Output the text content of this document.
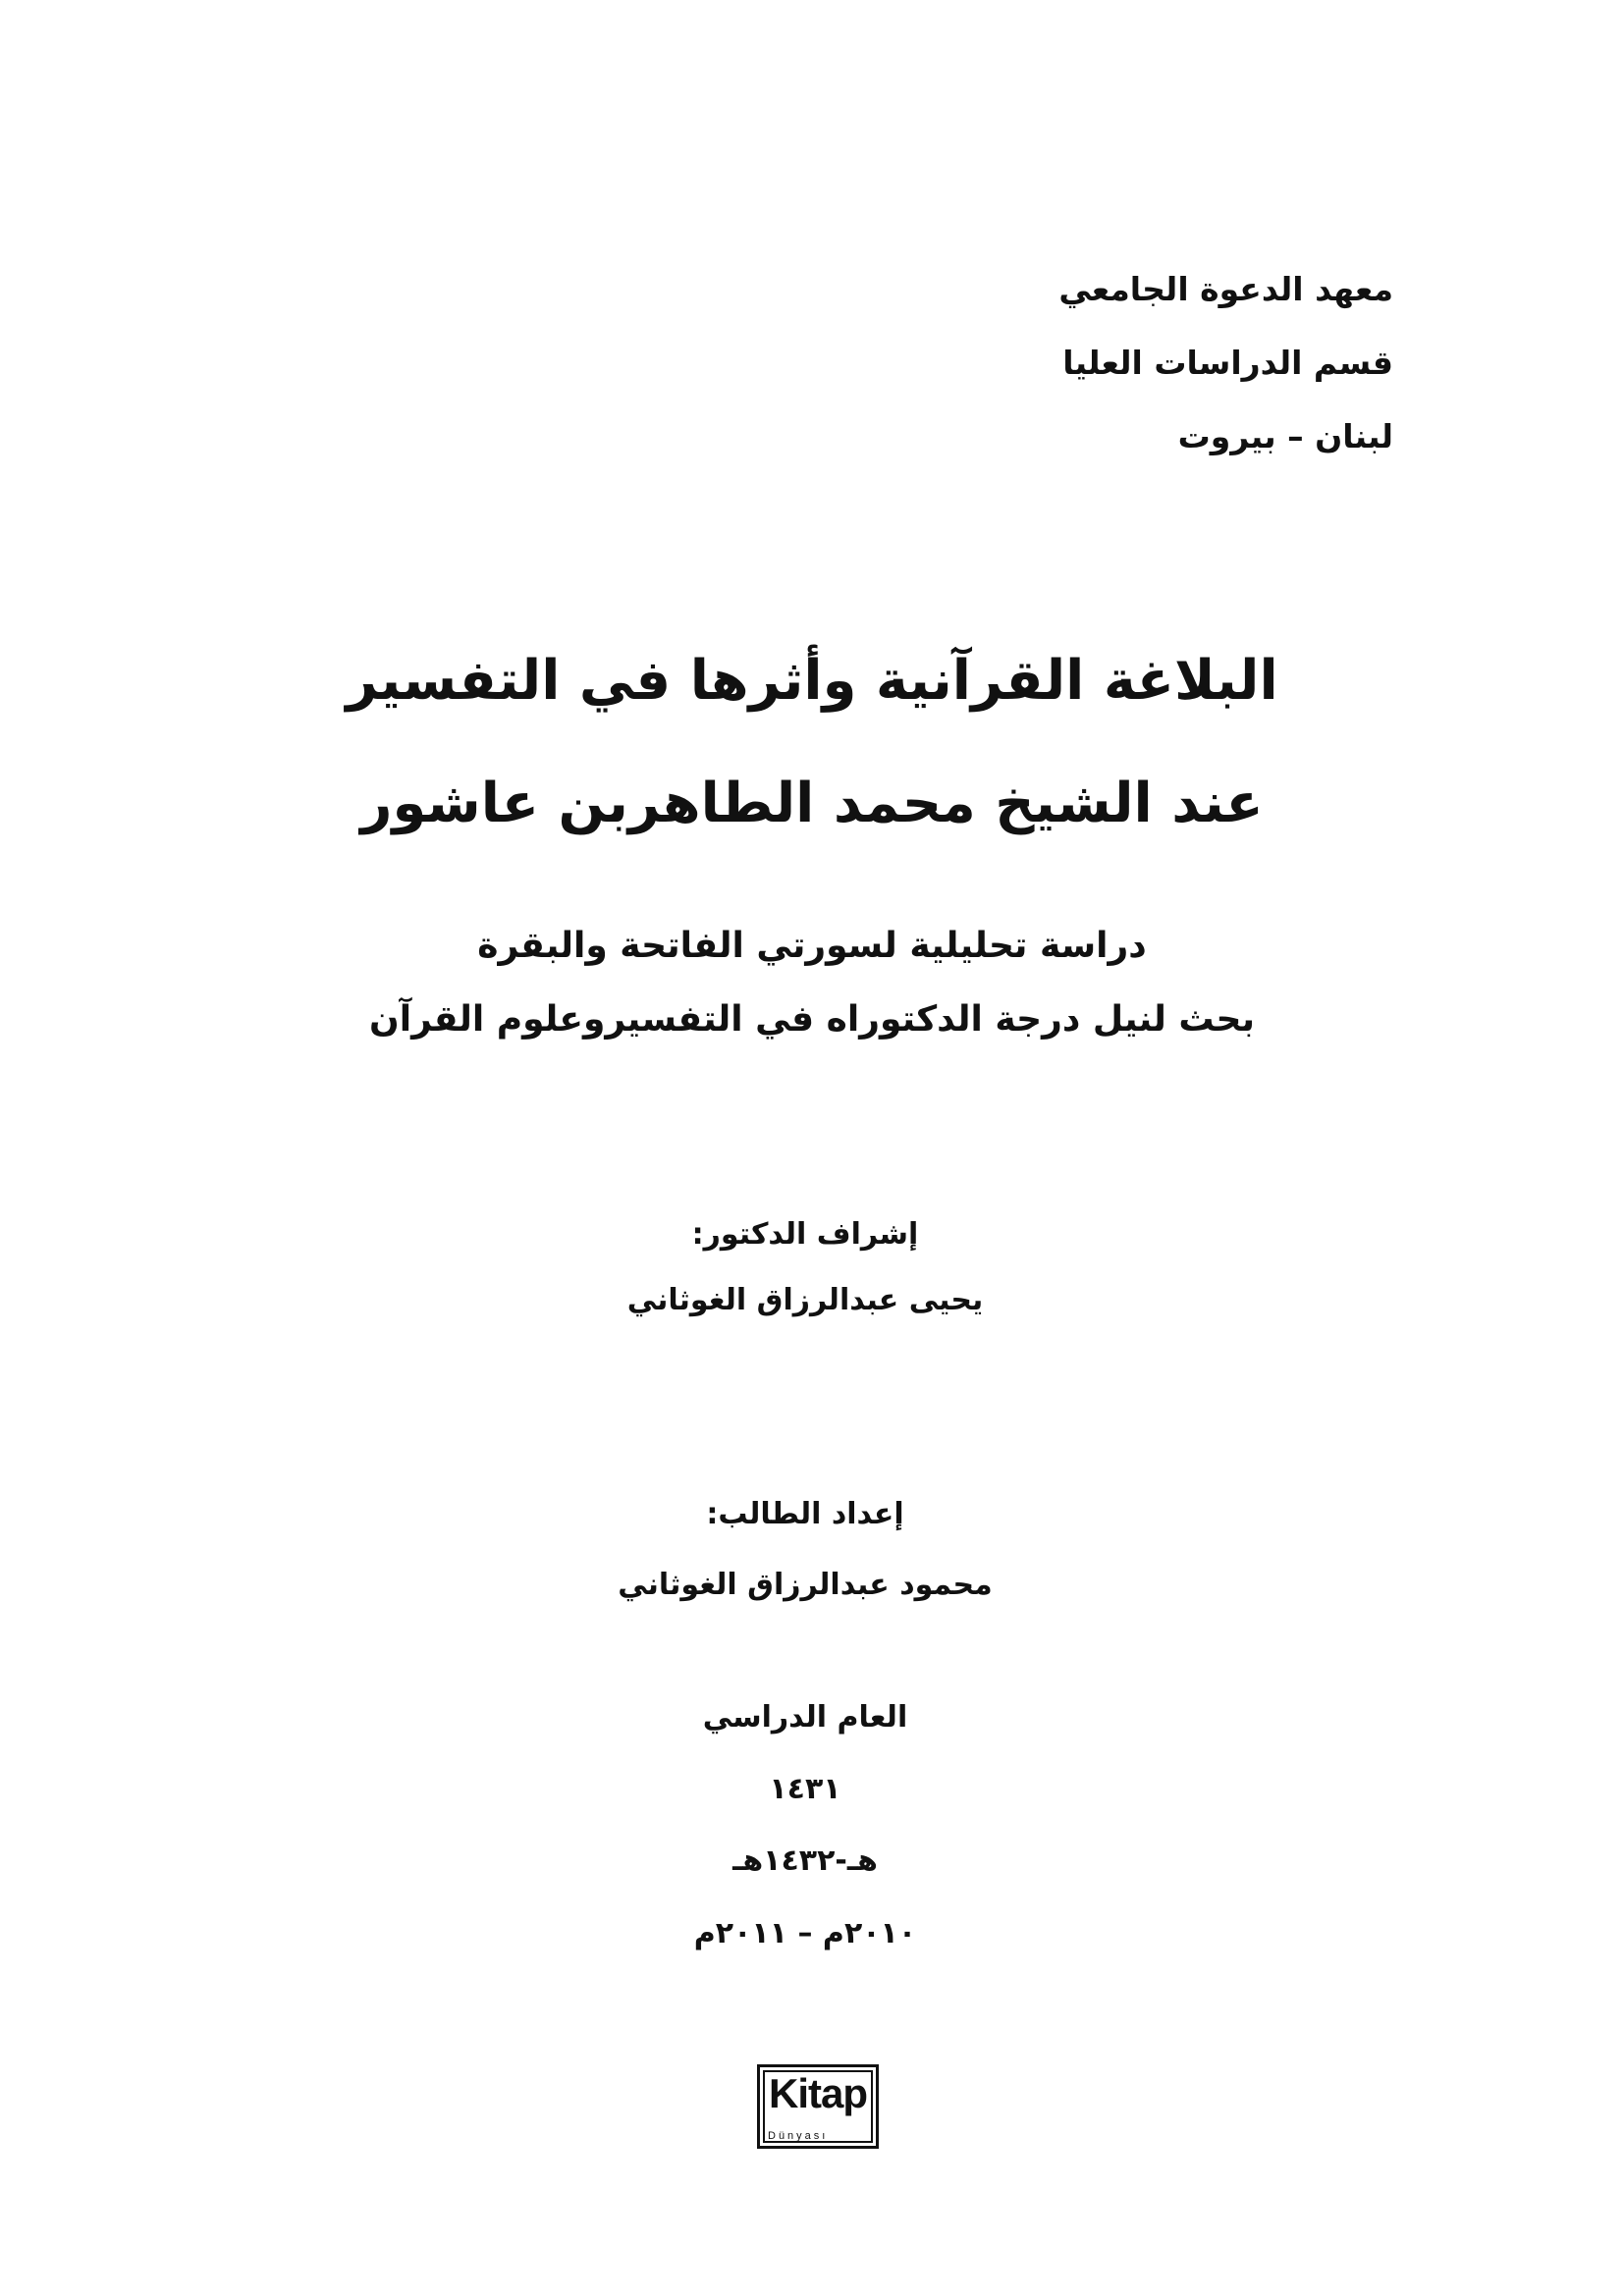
معهد الدعوة الجامعي
قسم الدراسات العليا
لبنان – بيروت
البلاغة القرآنية وأثرها في التفسير
عند الشيخ محمد الطاهربن عاشور
دراسة تحليلية لسورتي الفاتحة والبقرة
بحث لنيل درجة الدكتوراه في التفسيروعلوم القرآن
إشراف الدكتور:
يحيى عبدالرزاق الغوثاني
إعداد الطالب:
محمود عبدالرزاق الغوثاني
العام الدراسي
١٤٣١
هـ-١٤٣٢هـ
٢٠١٠م – ٢٠١١م
Kitap
Dünyası
